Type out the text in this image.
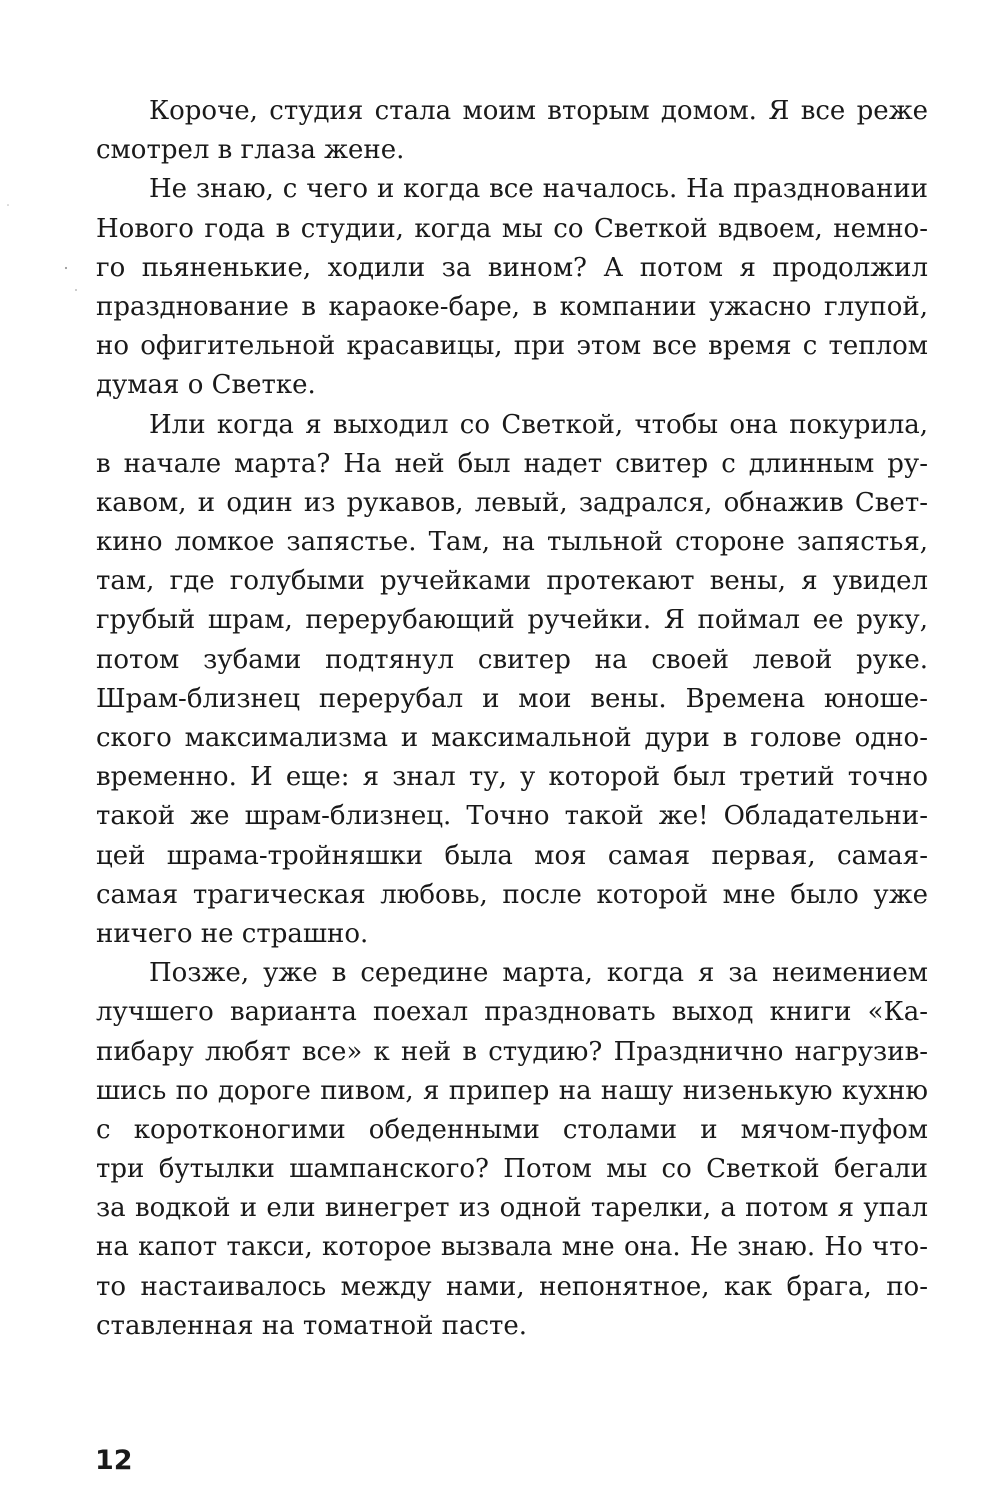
Короче, студия стала моим вторым домом. Я все реже
смотрел в глаза жене.
Не знаю, с чего и когда все началось. На праздновании
Нового года в студии, когда мы со Светкой вдвоем, немно-
го пьяненькие, ходили за вином? А потом я продолжил
празднование в караоке-баре, в компании ужасно глупой,
но офигительной красавицы, при этом все время с теплом
думая о Светке.
Или когда я выходил со Светкой, чтобы она покурила,
в начале марта? На ней был надет свитер с длинным ру-
кавом, и один из рукавов, левый, задрался, обнажив Свет-
кино ломкое запястье. Там, на тыльной стороне запястья,
там, где голубыми ручейками протекают вены, я увидел
грубый шрам, перерубающий ручейки. Я поймал ее руку,
потом зубами подтянул свитер на своей левой руке.
Шрам-близнец перерубал и мои вены. Времена юноше-
ского максимализма и максимальной дури в голове одно-
временно. И еще: я знал ту, у которой был третий точно
такой же шрам-близнец. Точно такой же! Обладательни-
цей шрама-тройняшки была моя самая первая, самая-
самая трагическая любовь, после которой мне было уже
ничего не страшно.
Позже, уже в середине марта, когда я за неимением
лучшего варианта поехал праздновать выход книги «Ка-
пибару любят все» к ней в студию? Празднично нагрузив-
шись по дороге пивом, я припер на нашу низенькую кухню
с коротконогими обеденными столами и мячом-пуфом
три бутылки шампанского? Потом мы со Светкой бегали
за водкой и ели винегрет из одной тарелки, а потом я упал
на капот такси, которое вызвала мне она. Не знаю. Но что-
то настаивалось между нами, непонятное, как брага, по-
ставленная на томатной пасте.
12
